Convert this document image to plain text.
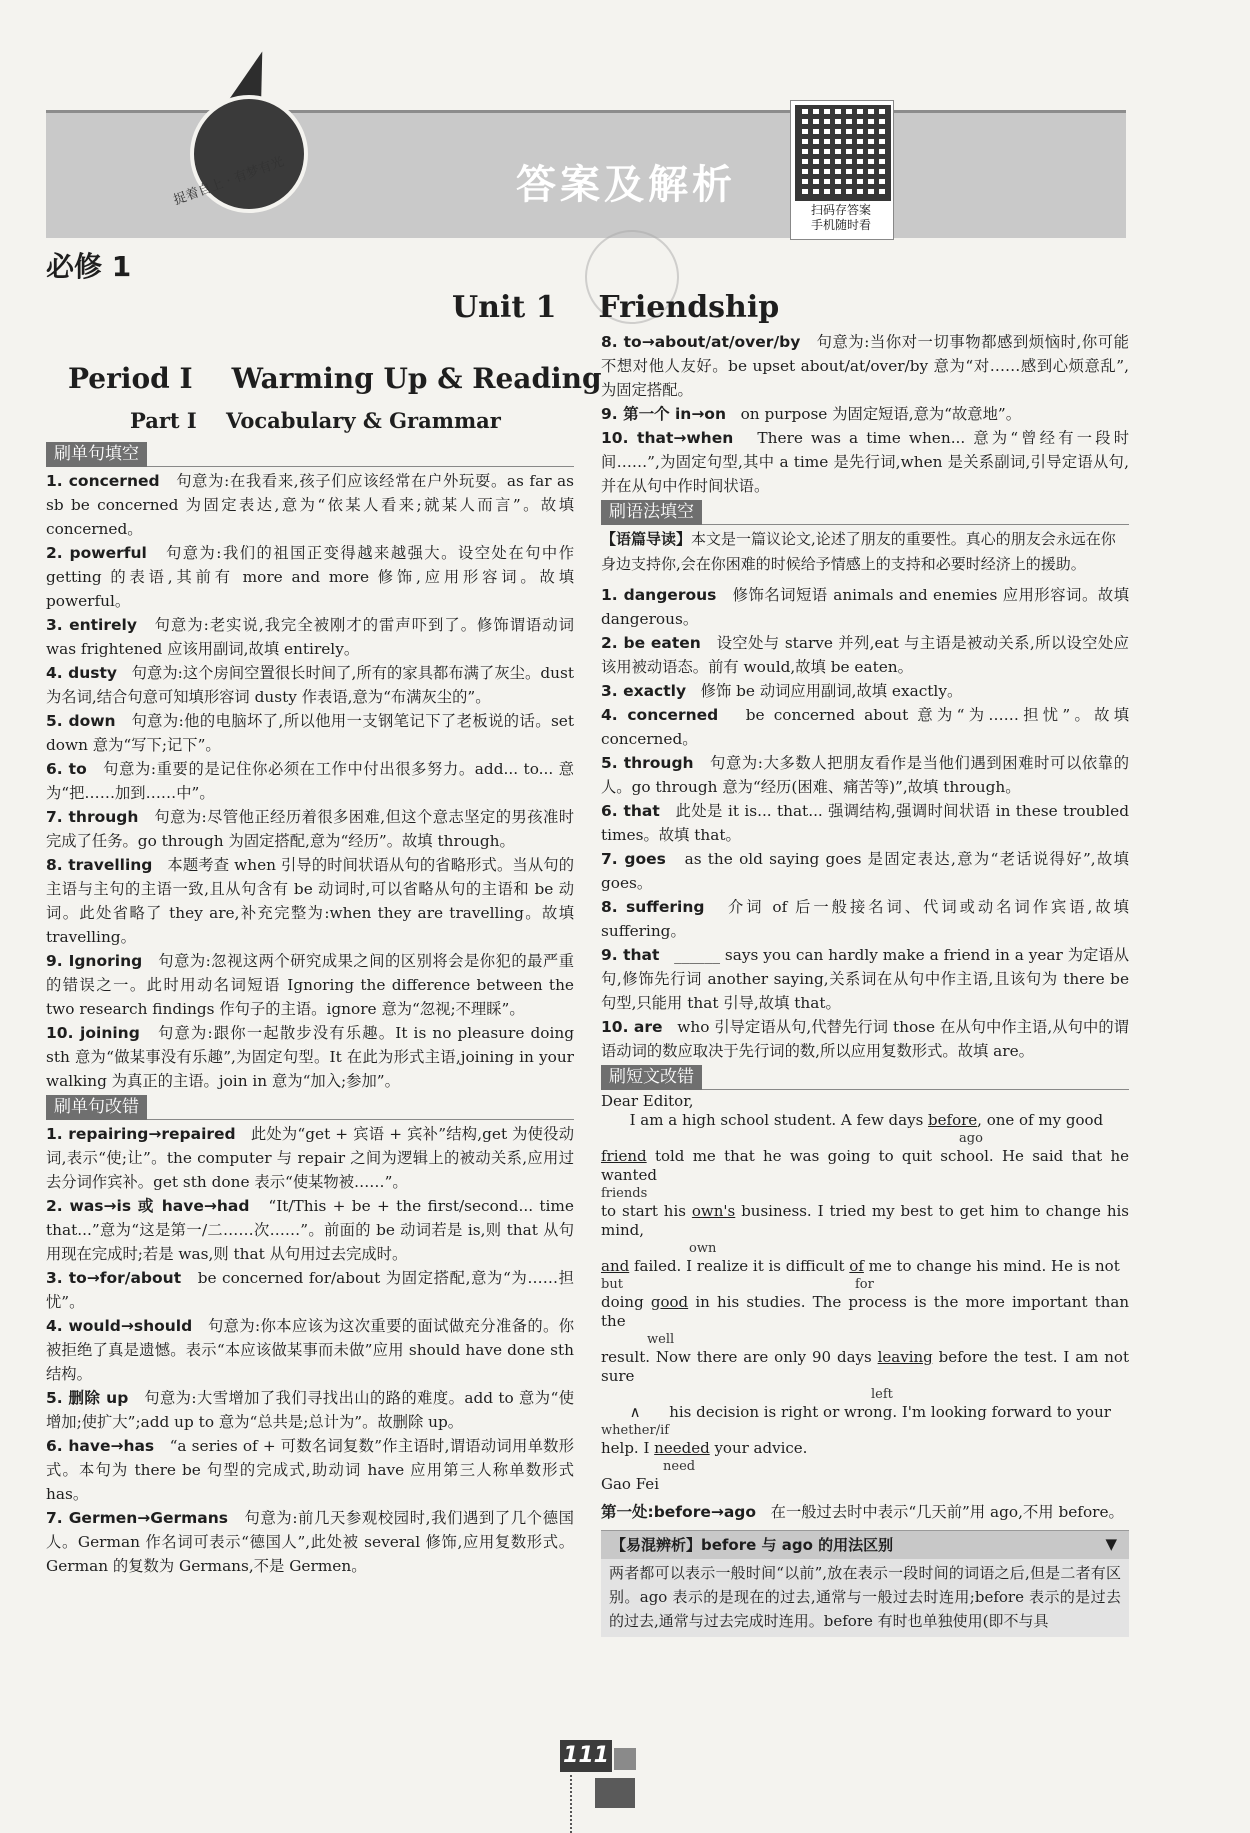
答案及解析
捉着自上 · 有梦有光
扫码存答案
手机随时看
必修 1
Unit 1    Friendship
Period Ⅰ    Warming Up & Reading
Part Ⅰ    Vocabulary & Grammar
刷单句填空

1. concerned 句意为:在我看来,孩子们应该经常在户外玩耍。as far as sb be concerned 为固定表达,意为“依某人看来;就某人而言”。故填 concerned。

2. powerful 句意为:我们的祖国正变得越来越强大。设空处在句中作 getting 的表语,其前有 more and more 修饰,应用形容词。故填 powerful。

3. entirely 句意为:老实说,我完全被刚才的雷声吓到了。修饰谓语动词 was frightened 应该用副词,故填 entirely。

4. dusty 句意为:这个房间空置很长时间了,所有的家具都布满了灰尘。dust 为名词,结合句意可知填形容词 dusty 作表语,意为“布满灰尘的”。

5. down 句意为:他的电脑坏了,所以他用一支钢笔记下了老板说的话。set down 意为“写下;记下”。

6. to 句意为:重要的是记住你必须在工作中付出很多努力。add... to... 意为“把……加到……中”。

7. through 句意为:尽管他正经历着很多困难,但这个意志坚定的男孩准时完成了任务。go through 为固定搭配,意为“经历”。故填 through。

8. travelling 本题考查 when 引导的时间状语从句的省略形式。当从句的主语与主句的主语一致,且从句含有 be 动词时,可以省略从句的主语和 be 动词。此处省略了 they are,补充完整为:when they are travelling。故填 travelling。

9. Ignoring 句意为:忽视这两个研究成果之间的区别将会是你犯的最严重的错误之一。此时用动名词短语 Ignoring the difference between the two research findings 作句子的主语。ignore 意为“忽视;不理睬”。

10. joining 句意为:跟你一起散步没有乐趣。It is no pleasure doing sth 意为“做某事没有乐趣”,为固定句型。It 在此为形式主语,joining in your walking 为真正的主语。join in 意为“加入;参加”。

刷单句改错

1. repairing→repaired 此处为“get + 宾语 + 宾补”结构,get 为使役动词,表示“使;让”。the computer 与 repair 之间为逻辑上的被动关系,应用过去分词作宾补。get sth done 表示“使某物被……”。

2. was→is 或 have→had “It/This + be + the first/second... time that...”意为“这是第一/二……次……”。前面的 be 动词若是 is,则 that 从句用现在完成时;若是 was,则 that 从句用过去完成时。

3. to→for/about be concerned for/about 为固定搭配,意为“为……担忧”。

4. would→should 句意为:你本应该为这次重要的面试做充分准备的。你被拒绝了真是遗憾。表示“本应该做某事而未做”应用 should have done sth 结构。

5. 删除 up 句意为:大雪增加了我们寻找出山的路的难度。add to 意为“使增加;使扩大”;add up to 意为“总共是;总计为”。故删除 up。

6. have→has “a series of + 可数名词复数”作主语时,谓语动词用单数形式。本句为 there be 句型的完成式,助动词 have 应用第三人称单数形式 has。

7. Germen→Germans 句意为:前几天参观校园时,我们遇到了几个德国人。German 作名词可表示“德国人”,此处被 several 修饰,应用复数形式。German 的复数为 Germans,不是 Germen。

8. to→about/at/over/by 句意为:当你对一切事物都感到烦恼时,你可能不想对他人友好。be upset about/at/over/by 意为“对……感到心烦意乱”,为固定搭配。

9. 第一个 in→on on purpose 为固定短语,意为“故意地”。

10. that→when There was a time when... 意为“曾经有一段时间……”,为固定句型,其中 a time 是先行词,when 是关系副词,引导定语从句,并在从句中作时间状语。

刷语法填空

【语篇导读】本文是一篇议论文,论述了朋友的重要性。真心的朋友会永远在你身边支持你,会在你困难的时候给予情感上的支持和必要时经济上的援助。

1. dangerous 修饰名词短语 animals and enemies 应用形容词。故填 dangerous。

2. be eaten 设空处与 starve 并列,eat 与主语是被动关系,所以设空处应该用被动语态。前有 would,故填 be eaten。

3. exactly 修饰 be 动词应用副词,故填 exactly。

4. concerned be concerned about 意为“为……担忧”。故填 concerned。

5. through 句意为:大多数人把朋友看作是当他们遇到困难时可以依靠的人。go through 意为“经历(困难、痛苦等)”,故填 through。

6. that 此处是 it is... that... 强调结构,强调时间状语 in these troubled times。故填 that。

7. goes as the old saying goes 是固定表达,意为“老话说得好”,故填 goes。

8. suffering 介词 of 后一般接名词、代词或动名词作宾语,故填 suffering。

9. that ______ says you can hardly make a friend in a year 为定语从句,修饰先行词 another saying,关系词在从句中作主语,且该句为 there be 句型,只能用 that 引导,故填 that。

10. are who 引导定语从句,代替先行词 those 在从句中作主语,从句中的谓语动词的数应取决于先行词的数,所以应用复数形式。故填 are。

刷短文改错

Dear Editor,

I am a high school student. A few days before, one of my good

ago

friend told me that he was going to quit school. He said that he wanted

friends

to start his own's business. I tried my best to get him to change his mind,

own

and failed. I realize it is difficult of me to change his mind. He is not

but	for

doing good in his studies. The process is the more important than the

well

result. Now there are only 90 days leaving before the test. I am not sure

left

∧      his decision is right or wrong. I'm looking forward to your

whether/if

help. I needed your advice.

need

Gao Fei

第一处:before→ago 在一般过去时中表示“几天前”用 ago,不用 before。

【易混辨析】before 与 ago 的用法区别	▼
两者都可以表示一般时间“以前”,放在表示一段时间的词语之后,但是二者有区别。ago 表示的是现在的过去,通常与一般过去时连用;before 表示的是过去的过去,通常与过去完成时连用。before 有时也单独使用(即不与具
111
